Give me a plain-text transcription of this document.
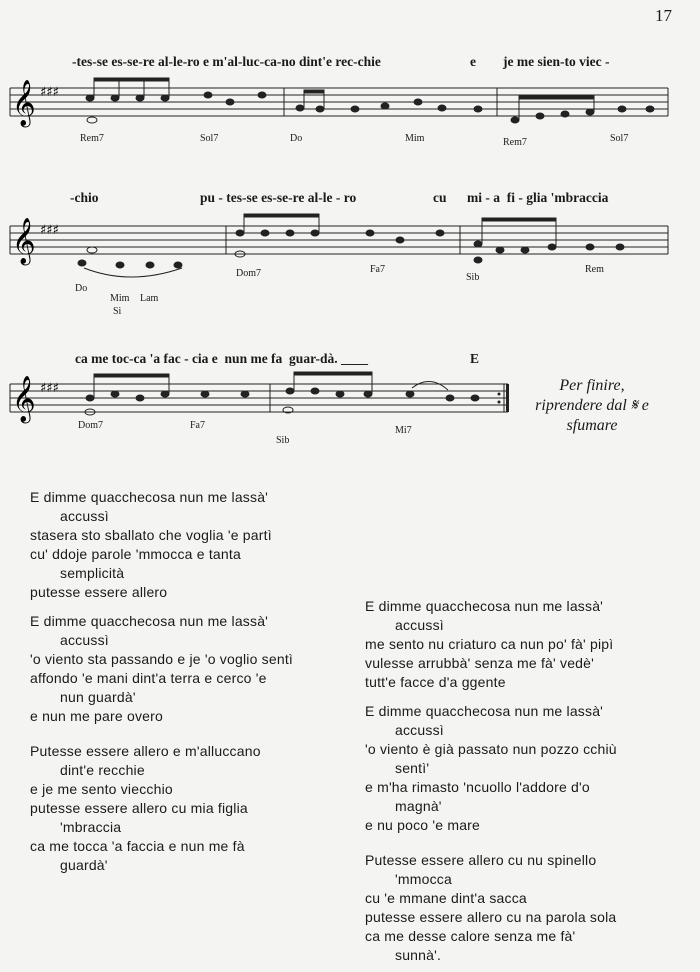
17

-tes-se es-se-re al-le-ro e m'al-luc-ca-no dint'e rec-chie

	e

je me sien-to viec -

𝄞 ♯♯♯
Rem7	Sol7	Do	Mim	Rem7	Sol7

-chio

	pu - tes-se es-se-re al-le - ro

	cu

mi - a  fi - glia 'mbraccia

𝄞 ♯♯♯
Do
Mim Lam
Si
Dom7	Fa7
Sib
Rem

ca me toc-ca 'a fac - cia e  nun me fa  guar-dà. ____

	E

𝄞 ♯♯♯
Dom7	Fa7
Sib
Mi7
Per finire,
riprendere dal 𝄋 e
sfumare
E dimme quacchecosa nun me lassà'
accussì
stasera sto sballato che voglia 'e partì
cu' ddoje parole 'mmocca e tanta
semplicità
putesse essere allero
E dimme quacchecosa nun me lassà'
accussì
'o viento sta passando e je 'o voglio sentì
affondo 'e mani dint'a terra e cerco 'e
nun guardà'
e nun me pare overo
Putesse essere allero e m'alluccano
dint'e recchie
e je me sento viecchio
putesse essere allero cu mia figlia
'mbraccia
ca me tocca 'a faccia e nun me fà
guardà'
E dimme quacchecosa nun me lassà'
accussì
me sento nu criaturo ca nun po' fà' pipì
vulesse arrubbà' senza me fà' vedè'
tutt'e facce d'a ggente
E dimme quacchecosa nun me lassà'
accussì
'o viento è già passato nun pozzo cchiù
sentì'
e m'ha rimasto 'ncuollo l'addore d'o
magnà'
e nu poco 'e mare
Putesse essere allero cu nu spinello
'mmocca
cu 'e mmane dint'a sacca
putesse essere allero cu na parola sola
ca me desse calore senza me fà'
sunnà'.
